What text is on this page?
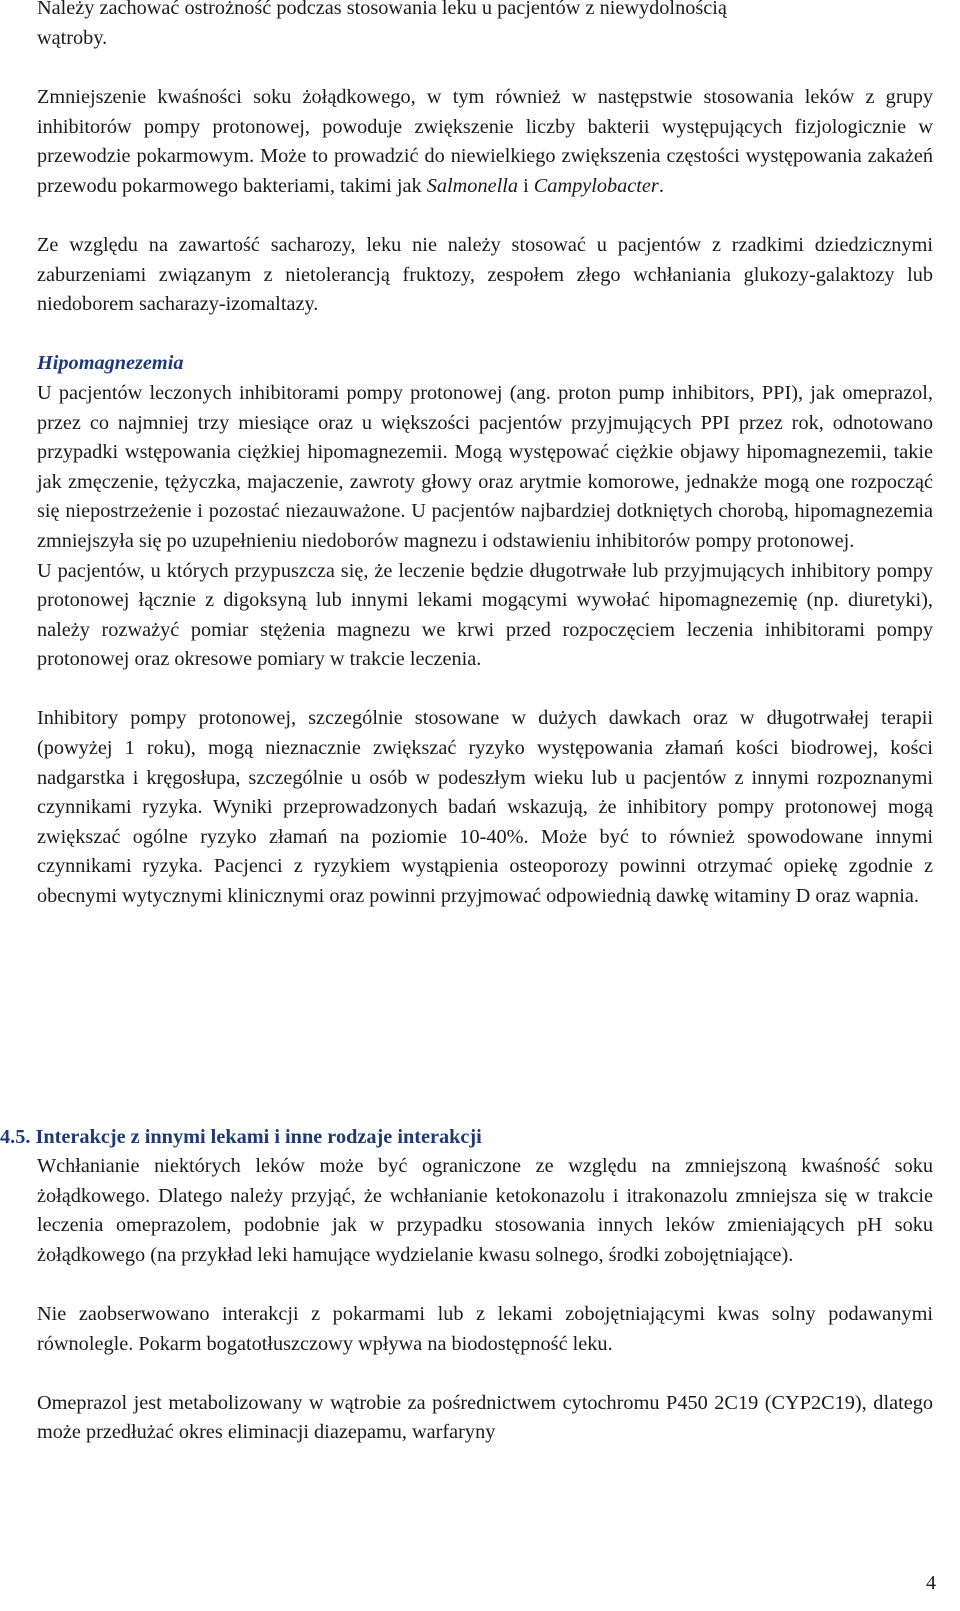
Należy zachować ostrożność podczas stosowania leku u pacjentów z niewydolnością
wątroby.

Zmniejszenie kwaśności soku żołądkowego, w tym również w następstwie stosowania leków z grupy inhibitorów pompy protonowej, powoduje zwiększenie liczby bakterii występujących fizjologicznie w przewodzie pokarmowym. Może to prowadzić do niewielkiego zwiększenia częstości występowania zakażeń przewodu pokarmowego bakteriami, takimi jak Salmonella i Campylobacter.

Ze względu na zawartość sacharozy, leku nie należy stosować u pacjentów z rzadkimi dziedzicznymi zaburzeniami związanym z nietolerancją fruktozy, zespołem złego wchłaniania glukozy-galaktozy lub niedoborem sacharazy-izomaltazy.

Hipomagnezemia

U pacjentów leczonych inhibitorami pompy protonowej (ang. proton pump inhibitors, PPI), jak omeprazol, przez co najmniej trzy miesiące oraz u większości pacjentów przyjmujących PPI przez rok, odnotowano przypadki wstępowania ciężkiej hipomagnezemii. Mogą występować ciężkie objawy hipomagnezemii, takie jak zmęczenie, tężyczka, majaczenie, zawroty głowy oraz arytmie komorowe, jednakże mogą one rozpocząć się niepostrzeżenie i pozostać niezauważone. U pacjentów najbardziej dotkniętych chorobą, hipomagnezemia zmniejszyła się po uzupełnieniu niedoborów magnezu i odstawieniu inhibitorów pompy protonowej.

U pacjentów, u których przypuszcza się, że leczenie będzie długotrwałe lub przyjmujących inhibitory pompy protonowej łącznie z digoksyną lub innymi lekami mogącymi wywołać hipomagnezemię (np. diuretyki), należy rozważyć pomiar stężenia magnezu we krwi przed rozpoczęciem leczenia inhibitorami pompy protonowej oraz okresowe pomiary w trakcie leczenia.

Inhibitory pompy protonowej, szczególnie stosowane w dużych dawkach oraz w długotrwałej terapii (powyżej 1 roku), mogą nieznacznie zwiększać ryzyko występowania złamań kości biodrowej, kości nadgarstka i kręgosłupa, szczególnie u osób w podeszłym wieku lub u pacjentów z innymi rozpoznanymi czynnikami ryzyka. Wyniki przeprowadzonych badań wskazują, że inhibitory pompy protonowej mogą zwiększać ogólne ryzyko złamań na poziomie 10-40%. Może być to również spowodowane innymi czynnikami ryzyka. Pacjenci z ryzykiem wystąpienia osteoporozy powinni otrzymać opiekę zgodnie z obecnymi wytycznymi klinicznymi oraz powinni przyjmować odpowiednią dawkę witaminy D oraz wapnia.

4.5. Interakcje z innymi lekami i inne rodzaje interakcji

Wchłanianie niektórych leków może być ograniczone ze względu na zmniejszoną kwaśność soku żołądkowego. Dlatego należy przyjąć, że wchłanianie ketokonazolu i itrakonazolu zmniejsza się w trakcie leczenia omeprazolem, podobnie jak w przypadku stosowania innych leków zmieniających pH soku żołądkowego (na przykład leki hamujące wydzielanie kwasu solnego, środki zobojętniające).

Nie zaobserwowano interakcji z pokarmami lub z lekami zobojętniającymi kwas solny podawanymi równolegle. Pokarm bogatotłuszczowy wpływa na biodostępność leku.

Omeprazol jest metabolizowany w wątrobie za pośrednictwem cytochromu P450 2C19 (CYP2C19), dlatego może przedłużać okres eliminacji diazepamu, warfaryny

4
